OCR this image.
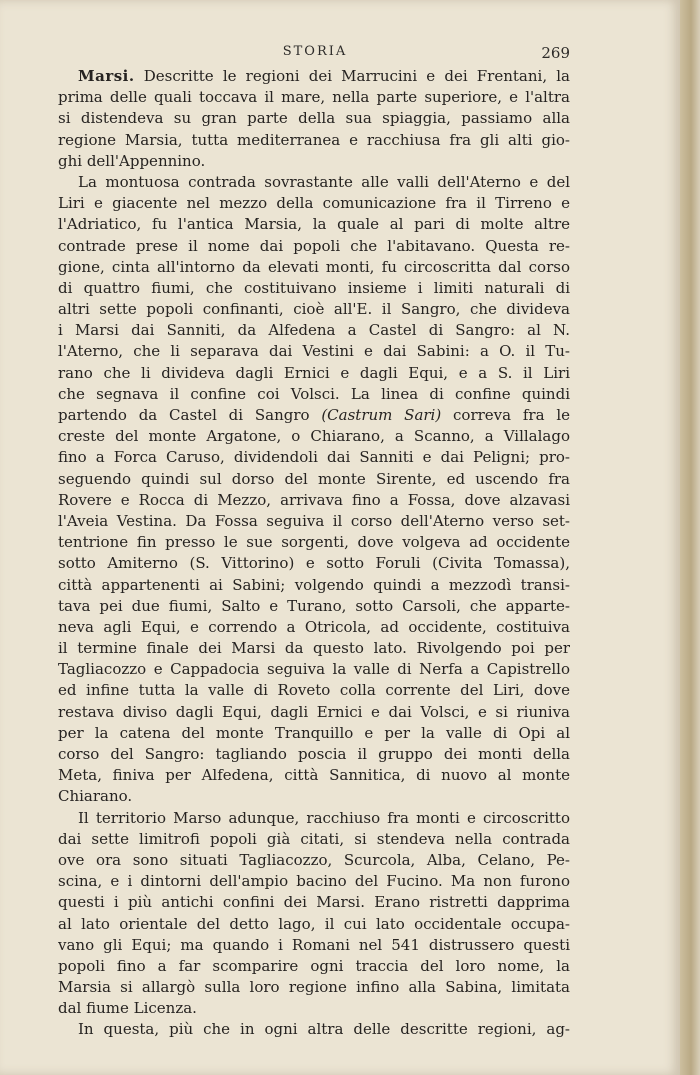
STORIA	269
Marsi. Descritte le regioni dei Marrucini e dei Frentani, la
prima delle quali toccava il mare, nella parte superiore, e l'altra
si distendeva su gran parte della sua spiaggia, passiamo alla
regione Marsia, tutta mediterranea e racchiusa fra gli alti gio-
ghi dell'Appennino.
La montuosa contrada sovrastante alle valli dell'Aterno e del
Liri e giacente nel mezzo della comunicazione fra il Tirreno e
l'Adriatico, fu l'antica Marsia, la quale al pari di molte altre
contrade prese il nome dai popoli che l'abitavano. Questa re-
gione, cinta all'intorno da elevati monti, fu circoscritta dal corso
di quattro fiumi, che costituivano insieme i limiti naturali di
altri sette popoli confinanti, cioè all'E. il Sangro, che divideva
i Marsi dai Sanniti, da Alfedena a Castel di Sangro: al N.
l'Aterno, che li separava dai Vestini e dai Sabini: a O. il Tu-
rano che li divideva dagli Ernici e dagli Equi, e a S. il Liri
che segnava il confine coi Volsci. La linea di confine quindi
partendo da Castel di Sangro (Castrum Sari) correva fra le
creste del monte Argatone, o Chiarano, a Scanno, a Villalago
fino a Forca Caruso, dividendoli dai Sanniti e dai Peligni; pro-
seguendo quindi sul dorso del monte Sirente, ed uscendo fra
Rovere e Rocca di Mezzo, arrivava fino a Fossa, dove alzavasi
l'Aveia Vestina. Da Fossa seguiva il corso dell'Aterno verso set-
tentrione fin presso le sue sorgenti, dove volgeva ad occidente
sotto Amiterno (S. Vittorino) e sotto Foruli (Civita Tomassa),
città appartenenti ai Sabini; volgendo quindi a mezzodì transi-
tava pei due fiumi, Salto e Turano, sotto Carsoli, che apparte-
neva agli Equi, e correndo a Otricola, ad occidente, costituiva
il termine finale dei Marsi da questo lato. Rivolgendo poi per
Tagliacozzo e Cappadocia seguiva la valle di Nerfa a Capistrello
ed infine tutta la valle di Roveto colla corrente del Liri, dove
restava diviso dagli Equi, dagli Ernici e dai Volsci, e si riuniva
per la catena del monte Tranquillo e per la valle di Opi al
corso del Sangro: tagliando poscia il gruppo dei monti della
Meta, finiva per Alfedena, città Sannitica, di nuovo al monte
Chiarano.
Il territorio Marso adunque, racchiuso fra monti e circoscritto
dai sette limitrofi popoli già citati, si stendeva nella contrada
ove ora sono situati Tagliacozzo, Scurcola, Alba, Celano, Pe-
scina, e i dintorni dell'ampio bacino del Fucino. Ma non furono
questi i più antichi confini dei Marsi. Erano ristretti dapprima
al lato orientale del detto lago, il cui lato occidentale occupa-
vano gli Equi; ma quando i Romani nel 541 distrussero questi
popoli fino a far scomparire ogni traccia del loro nome, la
Marsia si allargò sulla loro regione infino alla Sabina, limitata
dal fiume Licenza.
In questa, più che in ogni altra delle descritte regioni, ag-
